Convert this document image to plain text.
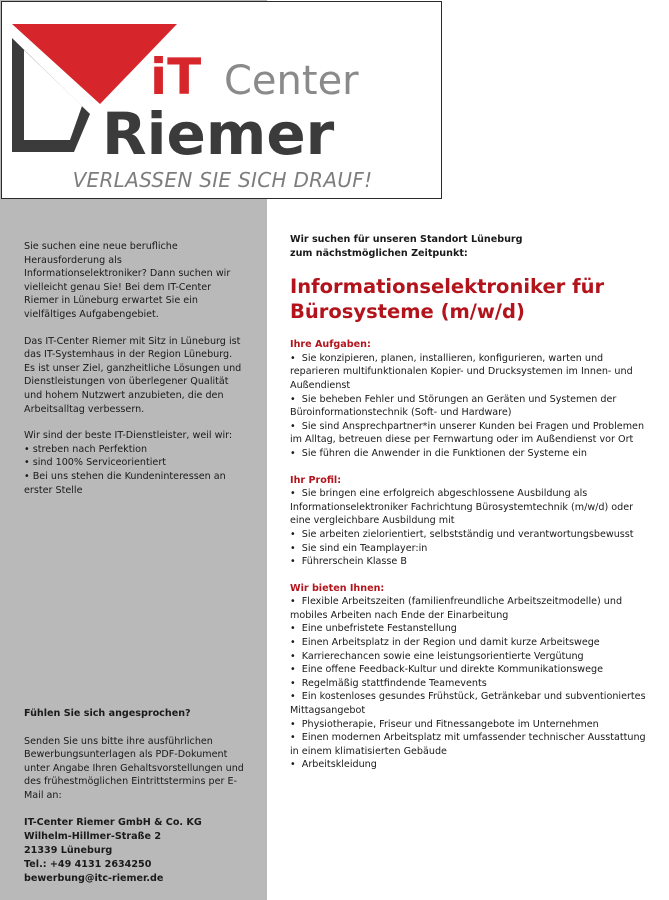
iT Center
Riemer
VERLASSEN SIE SICH DRAUF!

Sie suchen eine neue berufliche Herausforderung als Informationselektroniker? Dann suchen wir vielleicht genau Sie! Bei dem IT-Center Riemer in Lüneburg erwartet Sie ein vielfältiges Aufgabengebiet.

Das IT-Center Riemer mit Sitz in Lüneburg ist das IT-Systemhaus in der Region Lüneburg. Es ist unser Ziel, ganzheitliche Lösungen und Dienstleistungen von überlegener Qualität und hohem Nutzwert anzubieten, die den Arbeitsalltag verbessern.

Wir sind der beste IT-Dienstleister, weil wir:
• streben nach Perfektion
• sind 100% Serviceorientiert
• Bei uns stehen die Kundeninteressen an erster Stelle
Fühlen Sie sich angesprochen?

Senden Sie uns bitte ihre ausführlichen Bewerbungsunterlagen als PDF-Dokument unter Angabe Ihren Gehaltsvorstellungen und des frühestmöglichen Eintrittstermins per E-Mail an:

IT-Center Riemer GmbH & Co. KG
Wilhelm-Hillmer-Straße 2
21339 Lüneburg
Tel.: +49 4131 2634250
bewerbung@itc-riemer.de

Wir suchen für unseren Standort Lüneburg

zum nächstmöglichen Zeitpunkt:

Informationselektroniker für
Bürosysteme (m/w/d)

Ihre Aufgaben:

•  Sie konzipieren, planen, installieren, konfigurieren, warten und reparieren multifunktionalen Kopier- und Drucksystemen im Innen- und Außendienst
•  Sie beheben Fehler und Störungen an Geräten und Systemen der Büroinformationstechnik (Soft- und Hardware)
•  Sie sind Ansprechpartner*in unserer Kunden bei Fragen und Problemen im Alltag, betreuen diese per Fernwartung oder im Außendienst vor Ort
•  Sie führen die Anwender in die Funktionen der Systeme ein

Ihr Profil:

•  Sie bringen eine erfolgreich abgeschlossene Ausbildung als Informationselektroniker Fachrichtung Bürosystemtechnik (m/w/d) oder eine vergleichbare Ausbildung mit
•  Sie arbeiten zielorientiert, selbstständig und verantwortungsbewusst
•  Sie sind ein Teamplayer:in
•  Führerschein Klasse B

Wir bieten Ihnen:

•  Flexible Arbeitszeiten (familienfreundliche Arbeitszeitmodelle) und mobiles Arbeiten nach Ende der Einarbeitung
•  Eine unbefristete Festanstellung
•  Einen Arbeitsplatz in der Region und damit kurze Arbeitswege
•  Karrierechancen sowie eine leistungsorientierte Vergütung
•  Eine offene Feedback-Kultur und direkte Kommunikationswege
•  Regelmäßig stattfindende Teamevents
•  Ein kostenloses gesundes Frühstück, Getränkebar und subventioniertes Mittagsangebot
•  Physiotherapie, Friseur und Fitnessangebote im Unternehmen
•  Einen modernen Arbeitsplatz mit umfassender technischer Ausstattung in einem klimatisierten Gebäude
•  Arbeitskleidung
